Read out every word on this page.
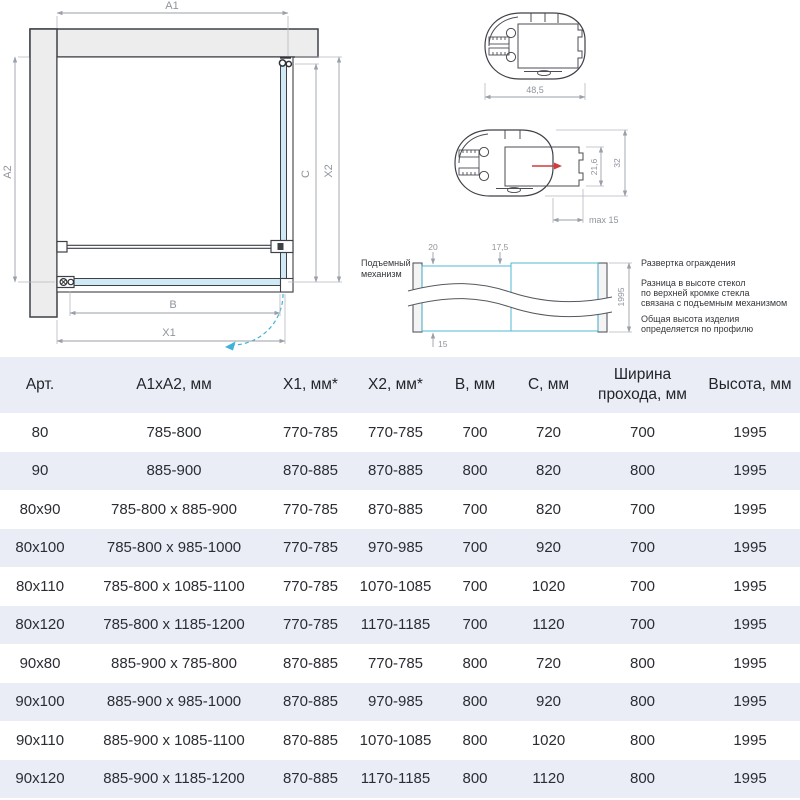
A1
A2	C X2
B
X1
48,5
21,6 32
max 15
Подъемный
механизм
20	17,5
15
1995
Развертка ограждения
Разница в высоте стекол
по верхней кромке стекла
связана с подъемным механизмом
Общая высота изделия
определяется по профилю
Арт.	A1xA2, мм	X1, мм*	X2, мм*	В, мм	С, мм	Ширина прохода, мм	Высота, мм
80	785-800	770-785	770-785	700	720	700	1995
90	885-900	870-885	870-885	800	820	800	1995
80x90	785-800 x 885-900	770-785	870-885	700	820	700	1995
80x100	785-800 x 985-1000	770-785	970-985	700	920	700	1995
80x110	785-800 x 1085-1100	770-785	1070-1085	700	1020	700	1995
80x120	785-800 x 1185-1200	770-785	1170-1185	700	1120	700	1995
90x80	885-900 x 785-800	870-885	770-785	800	720	800	1995
90x100	885-900 x 985-1000	870-885	970-985	800	920	800	1995
90x110	885-900 x 1085-1100	870-885	1070-1085	800	1020	800	1995
90x120	885-900 x 1185-1200	870-885	1170-1185	800	1120	800	1995
